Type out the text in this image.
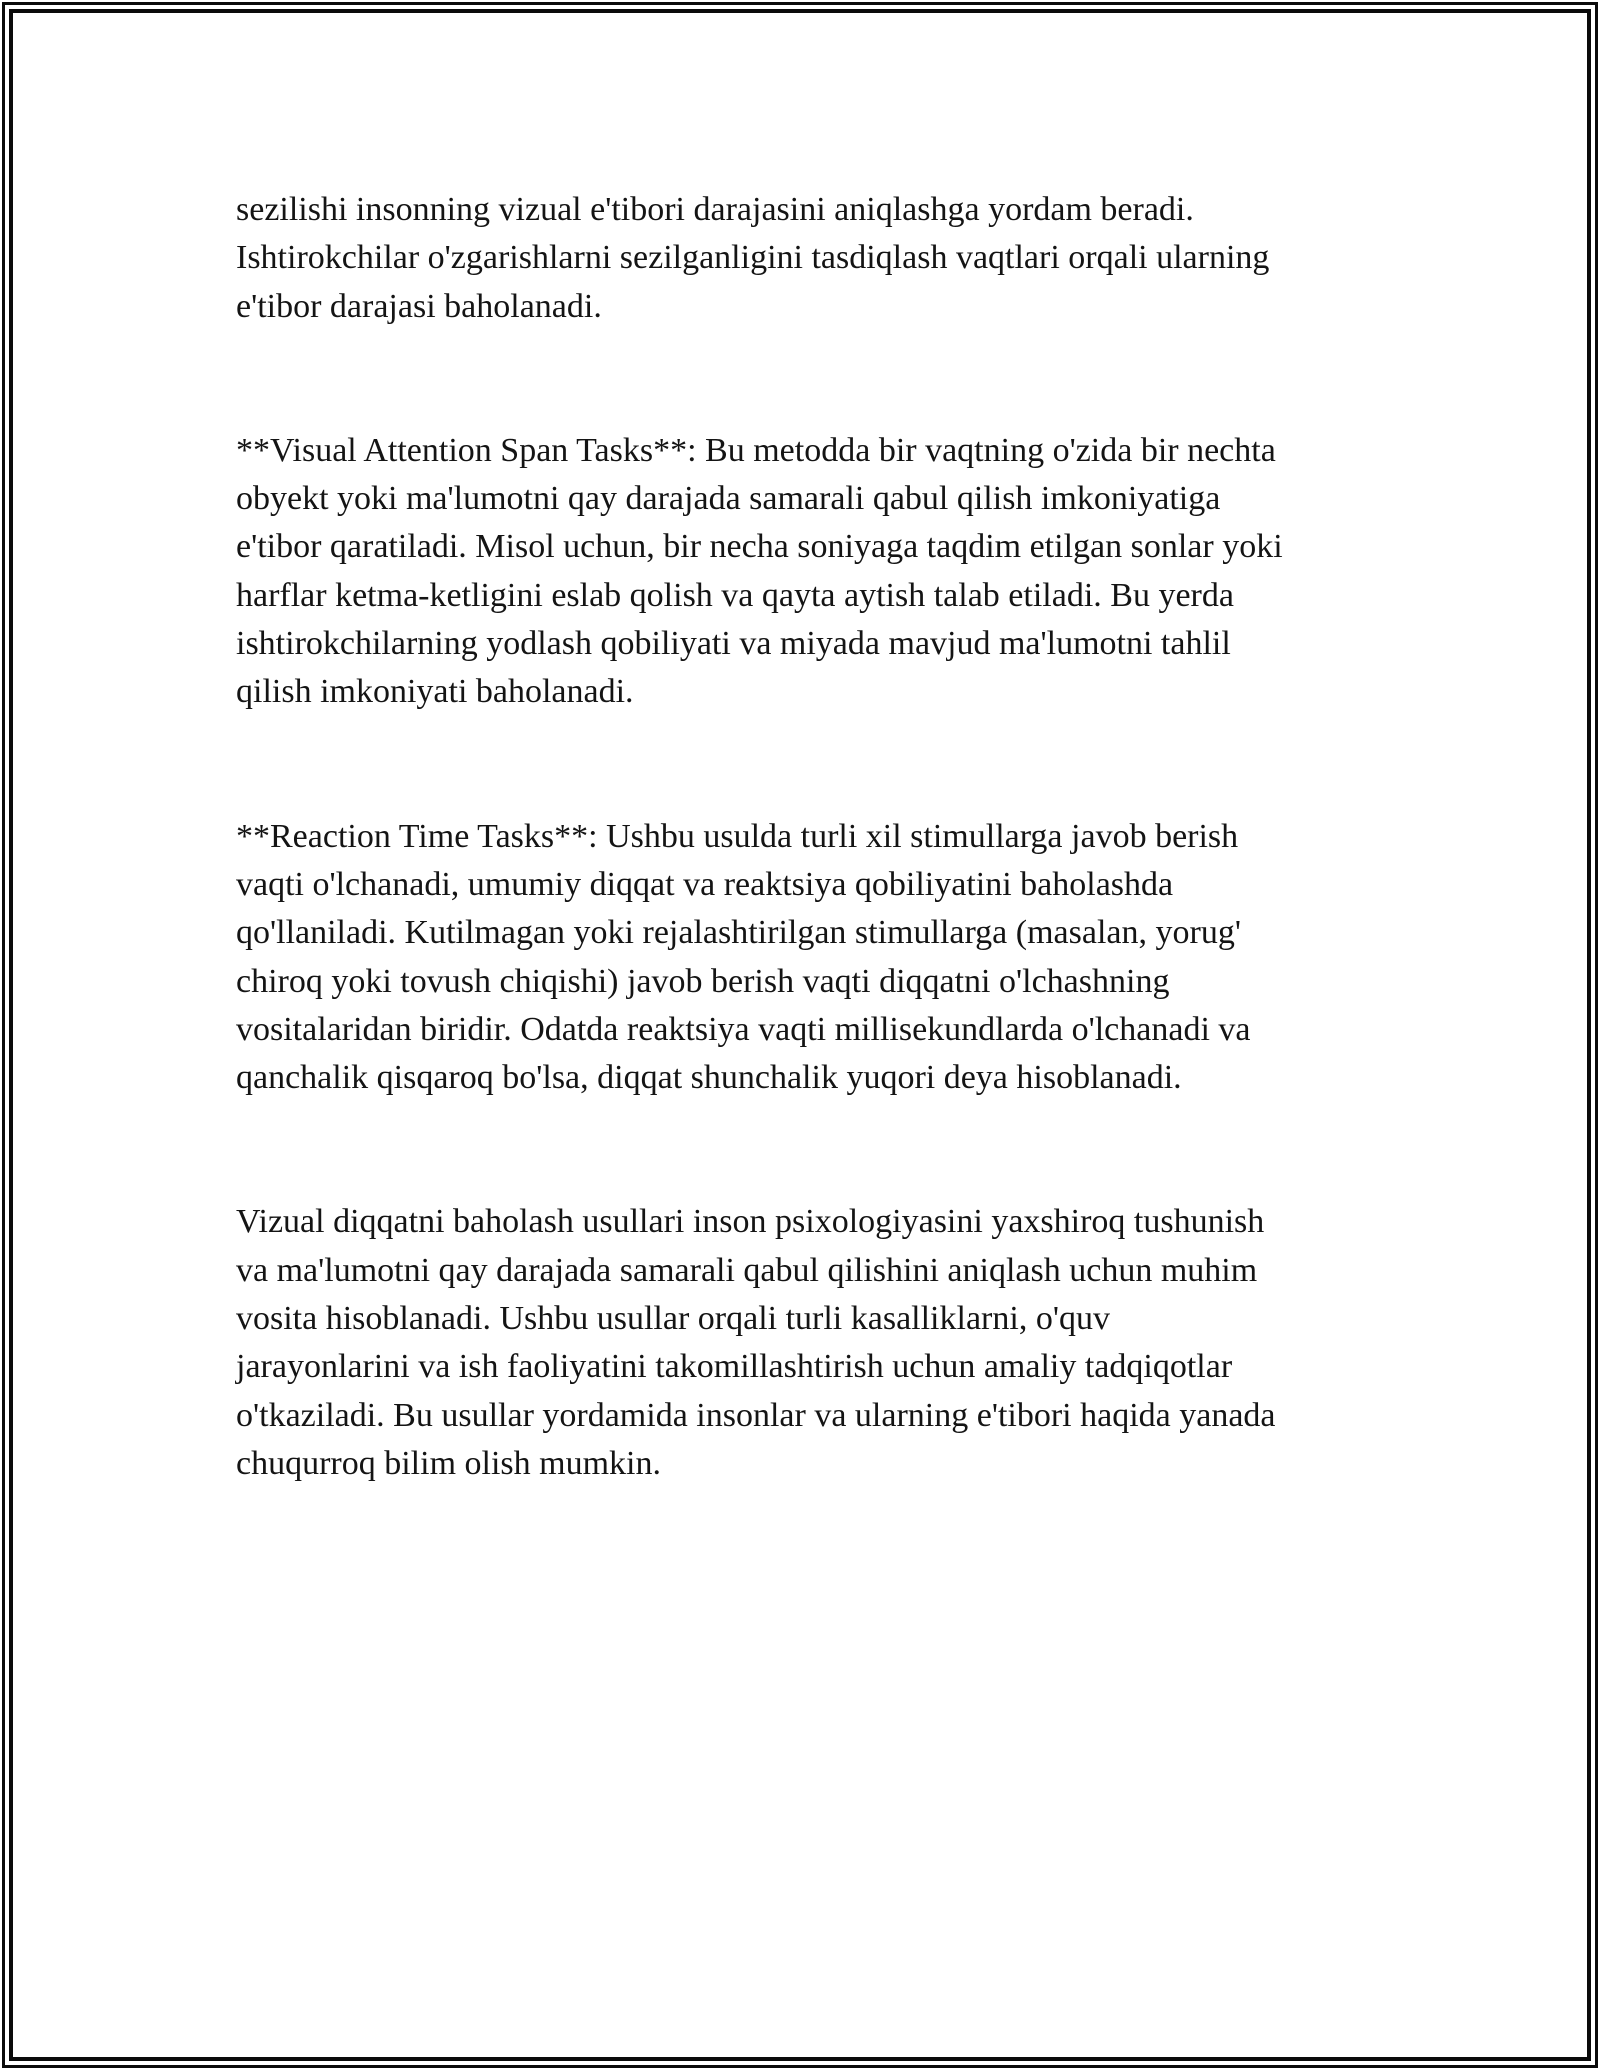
sezilishi insonning vizual e'tibori darajasini aniqlashga yordam beradi.
Ishtirokchilar o'zgarishlarni sezilganligini tasdiqlash vaqtlari orqali ularning
e'tibor darajasi baholanadi.
**Visual Attention Span Tasks**: Bu metodda bir vaqtning o'zida bir nechta
obyekt yoki ma'lumotni qay darajada samarali qabul qilish imkoniyatiga
e'tibor qaratiladi. Misol uchun, bir necha soniyaga taqdim etilgan sonlar yoki
harflar ketma-ketligini eslab qolish va qayta aytish talab etiladi. Bu yerda
ishtirokchilarning yodlash qobiliyati va miyada mavjud ma'lumotni tahlil
qilish imkoniyati baholanadi.
**Reaction Time Tasks**: Ushbu usulda turli xil stimullarga javob berish
vaqti o'lchanadi, umumiy diqqat va reaktsiya qobiliyatini baholashda
qo'llaniladi. Kutilmagan yoki rejalashtirilgan stimullarga (masalan, yorug'
chiroq yoki tovush chiqishi) javob berish vaqti diqqatni o'lchashning
vositalaridan biridir. Odatda reaktsiya vaqti millisekundlarda o'lchanadi va
qanchalik qisqaroq bo'lsa, diqqat shunchalik yuqori deya hisoblanadi.
Vizual diqqatni baholash usullari inson psixologiyasini yaxshiroq tushunish
va ma'lumotni qay darajada samarali qabul qilishini aniqlash uchun muhim
vosita hisoblanadi. Ushbu usullar orqali turli kasalliklarni, o'quv
jarayonlarini va ish faoliyatini takomillashtirish uchun amaliy tadqiqotlar
o'tkaziladi. Bu usullar yordamida insonlar va ularning e'tibori haqida yanada
chuqurroq bilim olish mumkin.
